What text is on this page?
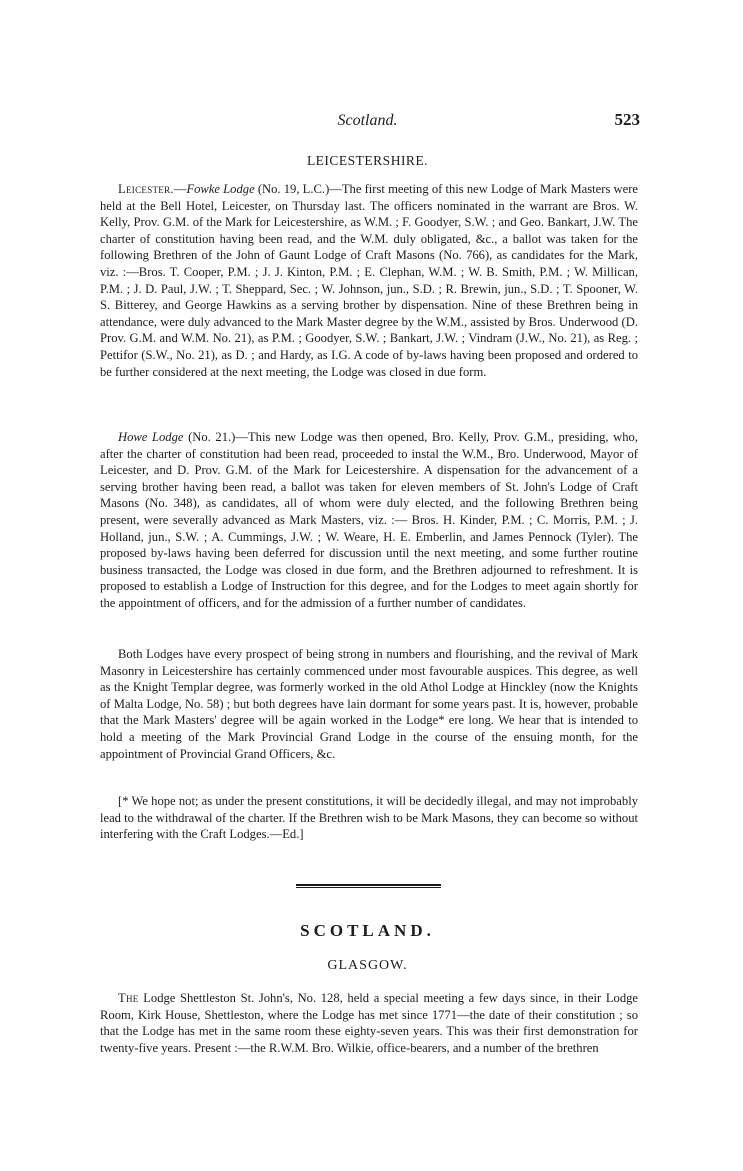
Scotland.	523
LEICESTERSHIRE.

Leicester.—Fowke Lodge (No. 19, L.C.)—The first meeting of this new Lodge of Mark Masters were held at the Bell Hotel, Leicester, on Thursday last. The officers nominated in the warrant are Bros. W. Kelly, Prov. G.M. of the Mark for Leicestershire, as W.M. ; F. Goodyer, S.W. ; and Geo. Bankart, J.W. The charter of constitution having been read, and the W.M. duly obligated, &c., a ballot was taken for the following Brethren of the John of Gaunt Lodge of Craft Masons (No. 766), as candidates for the Mark, viz. :—Bros. T. Cooper, P.M. ; J. J. Kinton, P.M. ; E. Clephan, W.M. ; W. B. Smith, P.M. ; W. Millican, P.M. ; J. D. Paul, J.W. ; T. Sheppard, Sec. ; W. Johnson, jun., S.D. ; R. Brewin, jun., S.D. ; T. Spooner, W. S. Bitterey, and George Hawkins as a serving brother by dispensation. Nine of these Brethren being in attendance, were duly advanced to the Mark Master degree by the W.M., assisted by Bros. Underwood (D. Prov. G.M. and W.M. No. 21), as P.M. ; Goodyer, S.W. ; Bankart, J.W. ; Vindram (J.W., No. 21), as Reg. ; Pettifor (S.W., No. 21), as D. ; and Hardy, as I.G. A code of by-laws having been proposed and ordered to be further considered at the next meeting, the Lodge was closed in due form.

Howe Lodge (No. 21.)—This new Lodge was then opened, Bro. Kelly, Prov. G.M., presiding, who, after the charter of constitution had been read, proceeded to instal the W.M., Bro. Underwood, Mayor of Leicester, and D. Prov. G.M. of the Mark for Leicestershire. A dispensation for the advancement of a serving brother having been read, a ballot was taken for eleven members of St. John's Lodge of Craft Masons (No. 348), as candidates, all of whom were duly elected, and the following Brethren being present, were severally advanced as Mark Masters, viz. :— Bros. H. Kinder, P.M. ; C. Morris, P.M. ; J. Holland, jun., S.W. ; A. Cummings, J.W. ; W. Weare, H. E. Emberlin, and James Pennock (Tyler). The proposed by-laws having been deferred for discussion until the next meeting, and some further routine business transacted, the Lodge was closed in due form, and the Brethren adjourned to refreshment. It is proposed to establish a Lodge of Instruction for this degree, and for the Lodges to meet again shortly for the appointment of officers, and for the admission of a further number of candidates.

Both Lodges have every prospect of being strong in numbers and flourishing, and the revival of Mark Masonry in Leicestershire has certainly commenced under most favourable auspices. This degree, as well as the Knight Templar degree, was formerly worked in the old Athol Lodge at Hinckley (now the Knights of Malta Lodge, No. 58) ; but both degrees have lain dormant for some years past. It is, however, probable that the Mark Masters' degree will be again worked in the Lodge* ere long. We hear that is intended to hold a meeting of the Mark Provincial Grand Lodge in the course of the ensuing month, for the appointment of Provincial Grand Officers, &c.

[* We hope not; as under the present constitutions, it will be decidedly illegal, and may not improbably lead to the withdrawal of the charter. If the Brethren wish to be Mark Masons, they can become so without interfering with the Craft Lodges.—Ed.]

SCOTLAND.
GLASGOW.

The Lodge Shettleston St. John's, No. 128, held a special meeting a few days since, in their Lodge Room, Kirk House, Shettleston, where the Lodge has met since 1771—the date of their constitution ; so that the Lodge has met in the same room these eighty-seven years. This was their first demonstration for twenty-five years. Present :—the R.W.M. Bro. Wilkie, office-bearers, and a number of the brethren
